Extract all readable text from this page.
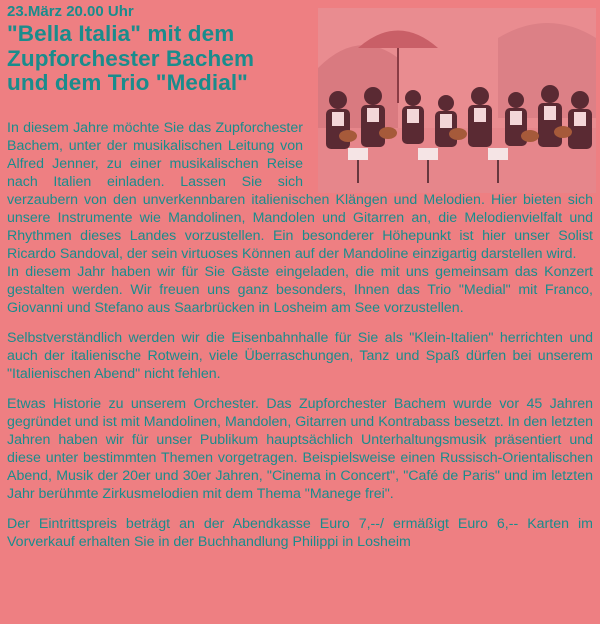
23.März 20.00 Uhr

"Bella Italia" mit dem
Zupforchester Bachem
und dem Trio "Medial"

In diesem Jahre möchte Sie das Zupforchester Bachem, unter der musikalischen Leitung von Alfred Jenner, zu einer musikalischen Reise nach Italien einladen. Lassen Sie sich verzaubern von den unverkennbaren italienischen Klängen und Melodien. Hier bieten sich unsere Instrumente wie Mandolinen, Mandolen und Gitarren an, die Melodienvielfalt und Rhythmen dieses Landes vorzustellen. Ein besonderer Höhepunkt ist hier unser Solist Ricardo Sandoval, der sein virtuoses Können auf der Mandoline einzigartig darstellen wird.

In diesem Jahr haben wir für Sie Gäste eingeladen, die mit uns gemeinsam das Konzert gestalten werden. Wir freuen uns ganz besonders, Ihnen das Trio "Medial" mit Franco, Giovanni und Stefano aus Saarbrücken in Losheim am See vorzustellen.

Selbstverständlich werden wir die Eisenbahnhalle für Sie als "Klein-Italien" herrichten und auch der italienische Rotwein, viele Überraschungen, Tanz und Spaß dürfen bei unserem "Italienischen Abend" nicht fehlen.

Etwas Historie zu unserem Orchester. Das Zupforchester Bachem wurde vor 45 Jahren gegründet und ist mit Mandolinen, Mandolen, Gitarren und Kontrabass besetzt. In den letzten Jahren haben wir für unser Publikum hauptsächlich Unterhaltungsmusik präsentiert und diese unter bestimmten Themen vorgetragen. Beispielsweise einen Russisch-Orientalischen Abend, Musik der 20er und 30er Jahren, "Cinema in Concert", "Café de Paris" und im letzten Jahr berühmte Zirkusmelodien mit dem Thema "Manege frei".

Der Eintrittspreis beträgt an der Abendkasse Euro 7,--/ ermäßigt Euro 6,-- Karten im Vorverkauf erhalten Sie in der Buchhandlung Philippi in Losheim
